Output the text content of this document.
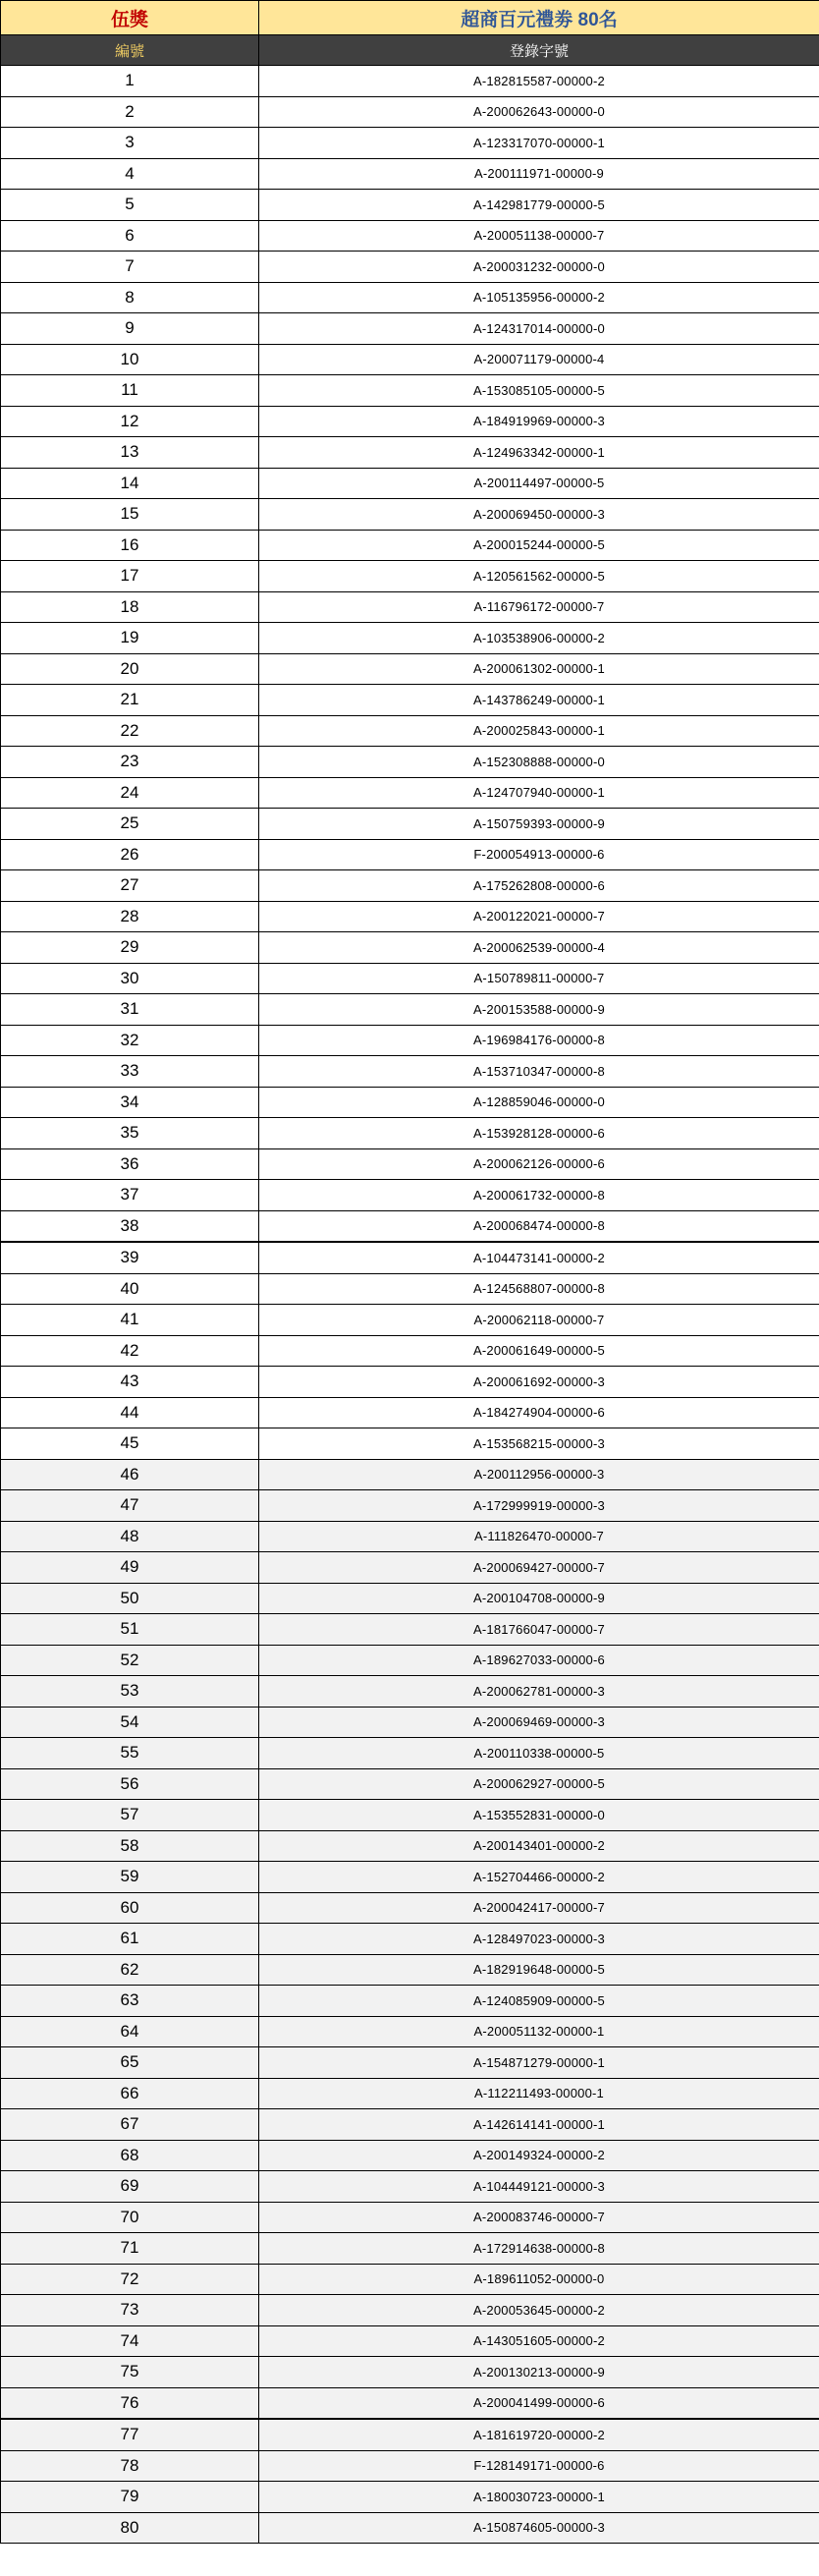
伍獎	超商百元禮劵 80名
編號	登錄字號
1	A-182815587-00000-2
2	A-200062643-00000-0
3	A-123317070-00000-1
4	A-200111971-00000-9
5	A-142981779-00000-5
6	A-200051138-00000-7
7	A-200031232-00000-0
8	A-105135956-00000-2
9	A-124317014-00000-0
10	A-200071179-00000-4
11	A-153085105-00000-5
12	A-184919969-00000-3
13	A-124963342-00000-1
14	A-200114497-00000-5
15	A-200069450-00000-3
16	A-200015244-00000-5
17	A-120561562-00000-5
18	A-116796172-00000-7
19	A-103538906-00000-2
20	A-200061302-00000-1
21	A-143786249-00000-1
22	A-200025843-00000-1
23	A-152308888-00000-0
24	A-124707940-00000-1
25	A-150759393-00000-9
26	F-200054913-00000-6
27	A-175262808-00000-6
28	A-200122021-00000-7
29	A-200062539-00000-4
30	A-150789811-00000-7
31	A-200153588-00000-9
32	A-196984176-00000-8
33	A-153710347-00000-8
34	A-128859046-00000-0
35	A-153928128-00000-6
36	A-200062126-00000-6
37	A-200061732-00000-8
38	A-200068474-00000-8
39	A-104473141-00000-2
40	A-124568807-00000-8
41	A-200062118-00000-7
42	A-200061649-00000-5
43	A-200061692-00000-3
44	A-184274904-00000-6
45	A-153568215-00000-3
46	A-200112956-00000-3
47	A-172999919-00000-3
48	A-111826470-00000-7
49	A-200069427-00000-7
50	A-200104708-00000-9
51	A-181766047-00000-7
52	A-189627033-00000-6
53	A-200062781-00000-3
54	A-200069469-00000-3
55	A-200110338-00000-5
56	A-200062927-00000-5
57	A-153552831-00000-0
58	A-200143401-00000-2
59	A-152704466-00000-2
60	A-200042417-00000-7
61	A-128497023-00000-3
62	A-182919648-00000-5
63	A-124085909-00000-5
64	A-200051132-00000-1
65	A-154871279-00000-1
66	A-112211493-00000-1
67	A-142614141-00000-1
68	A-200149324-00000-2
69	A-104449121-00000-3
70	A-200083746-00000-7
71	A-172914638-00000-8
72	A-189611052-00000-0
73	A-200053645-00000-2
74	A-143051605-00000-2
75	A-200130213-00000-9
76	A-200041499-00000-6
77	A-181619720-00000-2
78	F-128149171-00000-6
79	A-180030723-00000-1
80	A-150874605-00000-3
